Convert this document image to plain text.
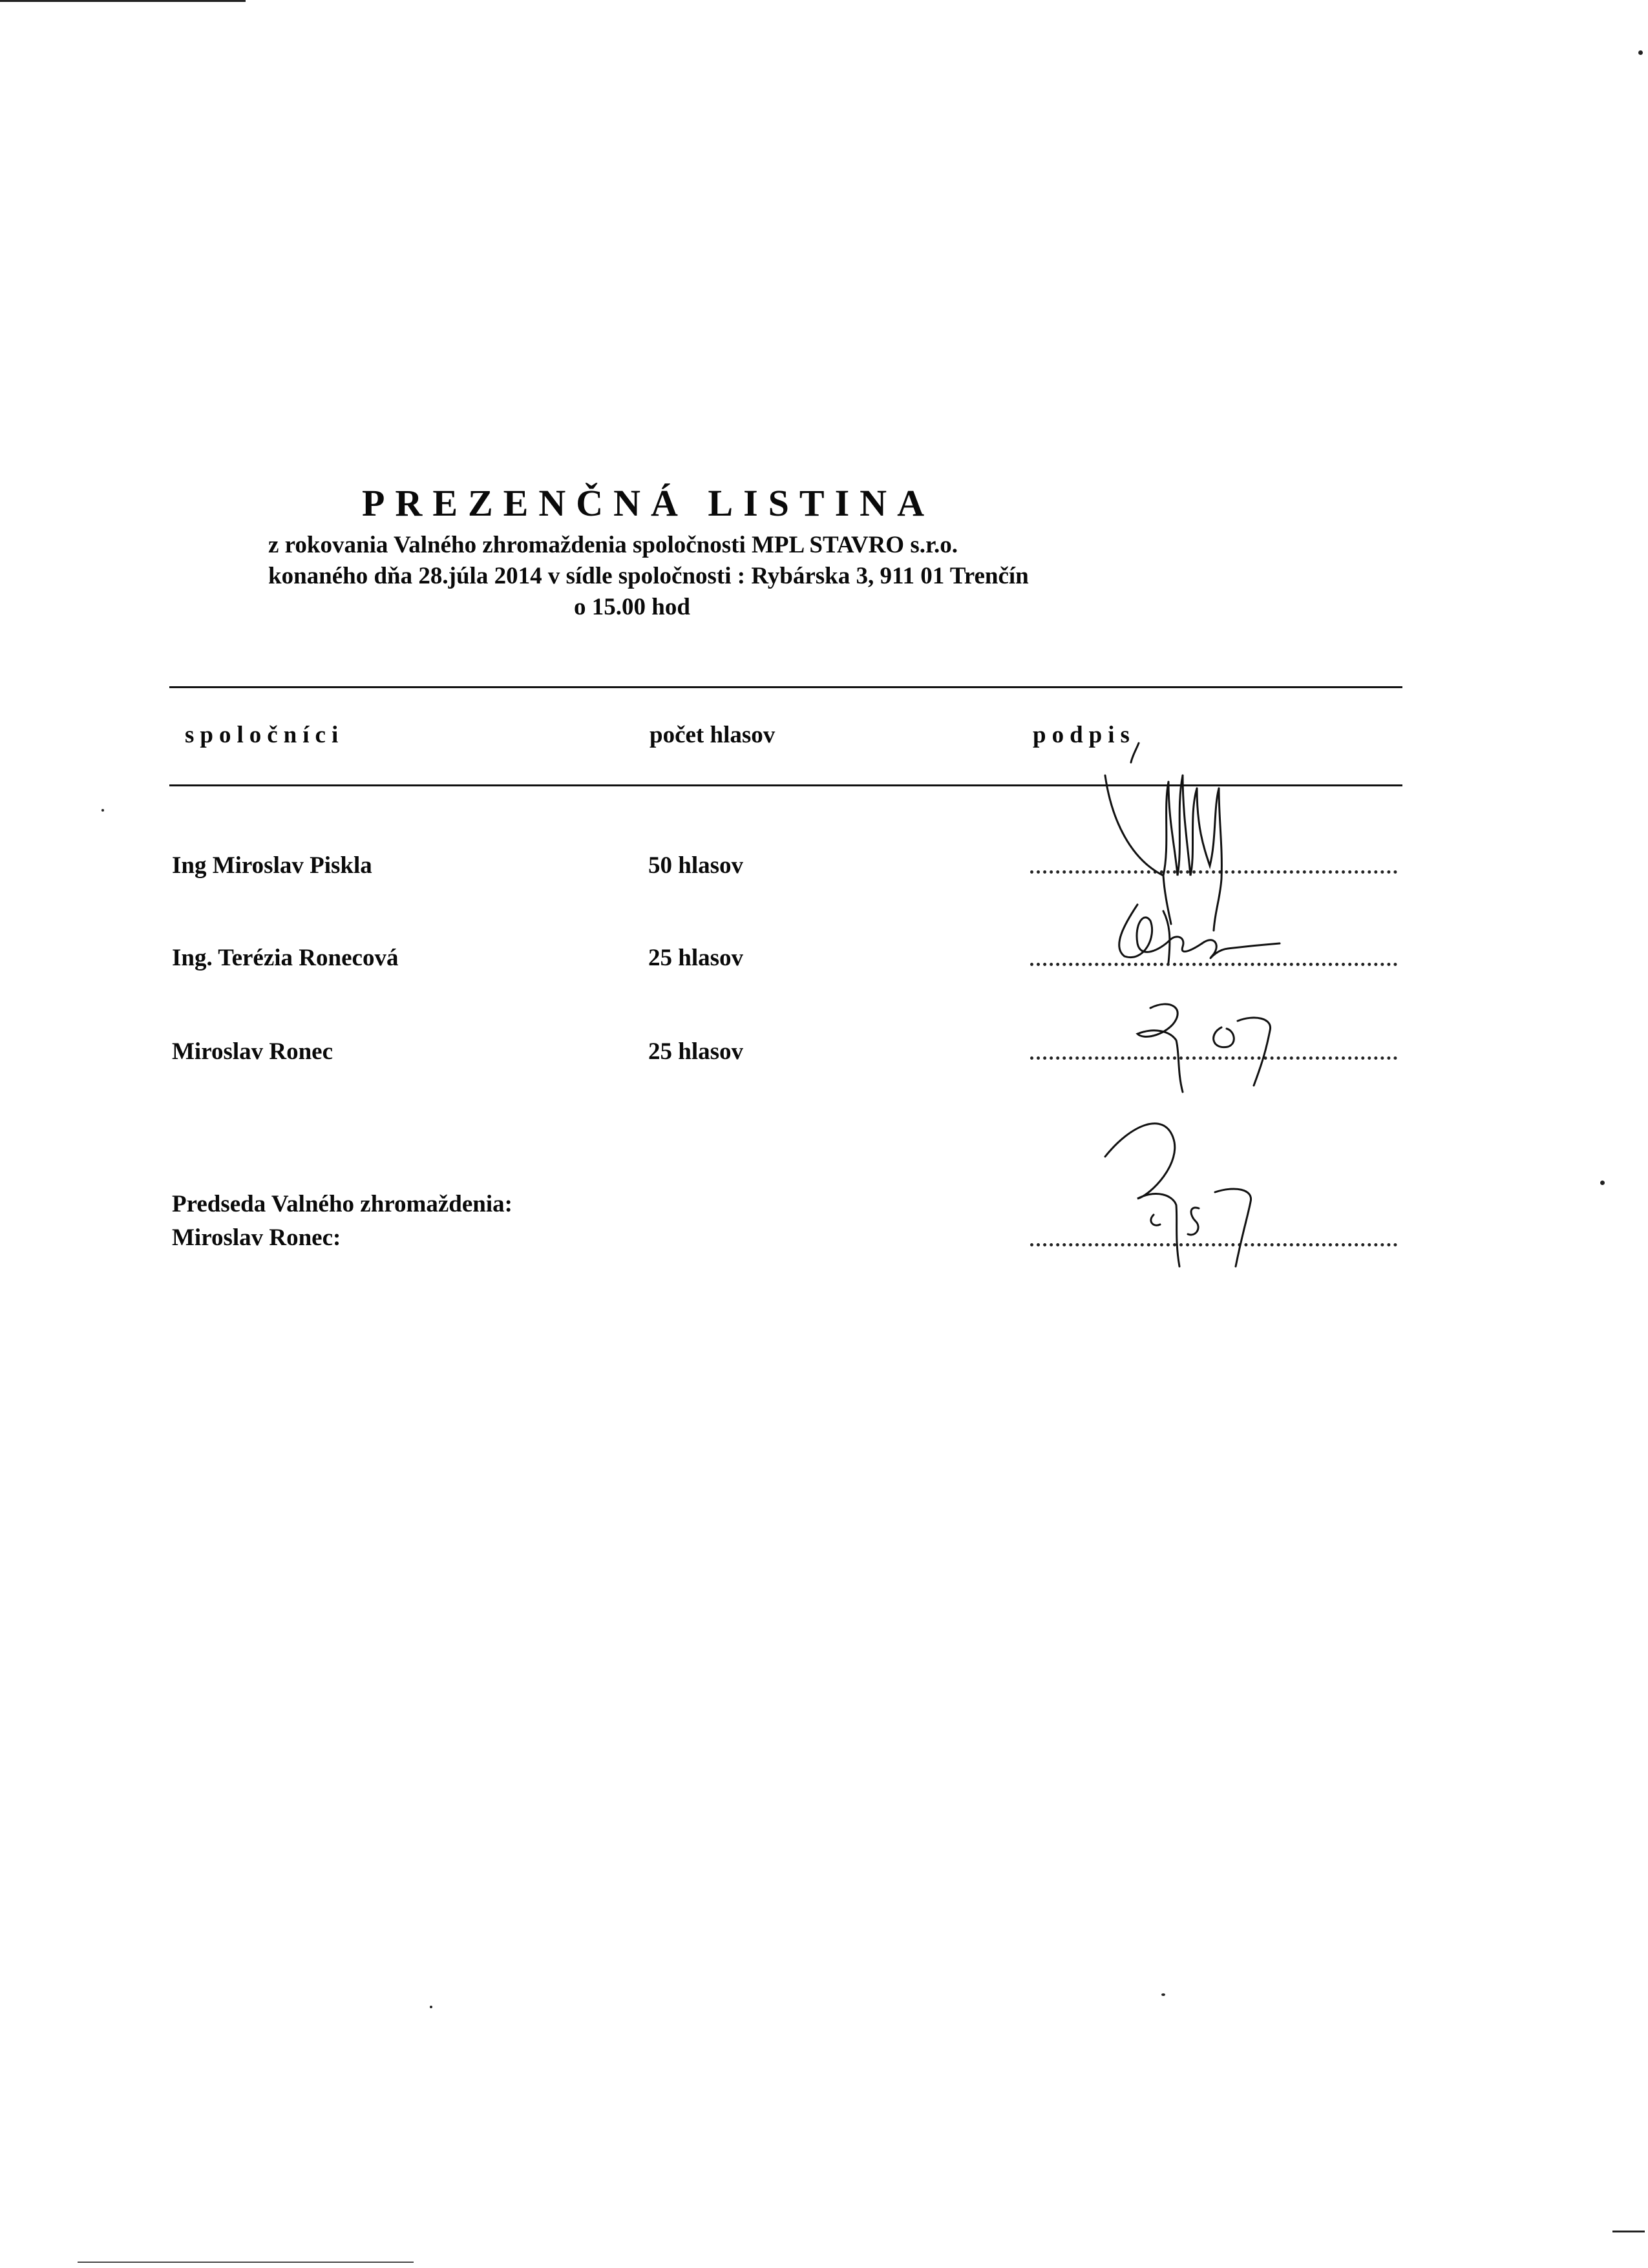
PREZENČNÁ LISTINA
z rokovania Valného zhromaždenia spoločnosti MPL STAVRO s.r.o.
konaného dňa 28.júla 2014 v sídle spoločnosti : Rybárska 3, 911 01 Trenčín
o 15.00 hod
spoločníci	počet hlasov	podpis
Ing Miroslav Piskla	50 hlasov
Ing. Terézia Ronecová	25 hlasov
Miroslav Ronec	25 hlasov
Predseda Valného zhromaždenia:
Miroslav Ronec:
